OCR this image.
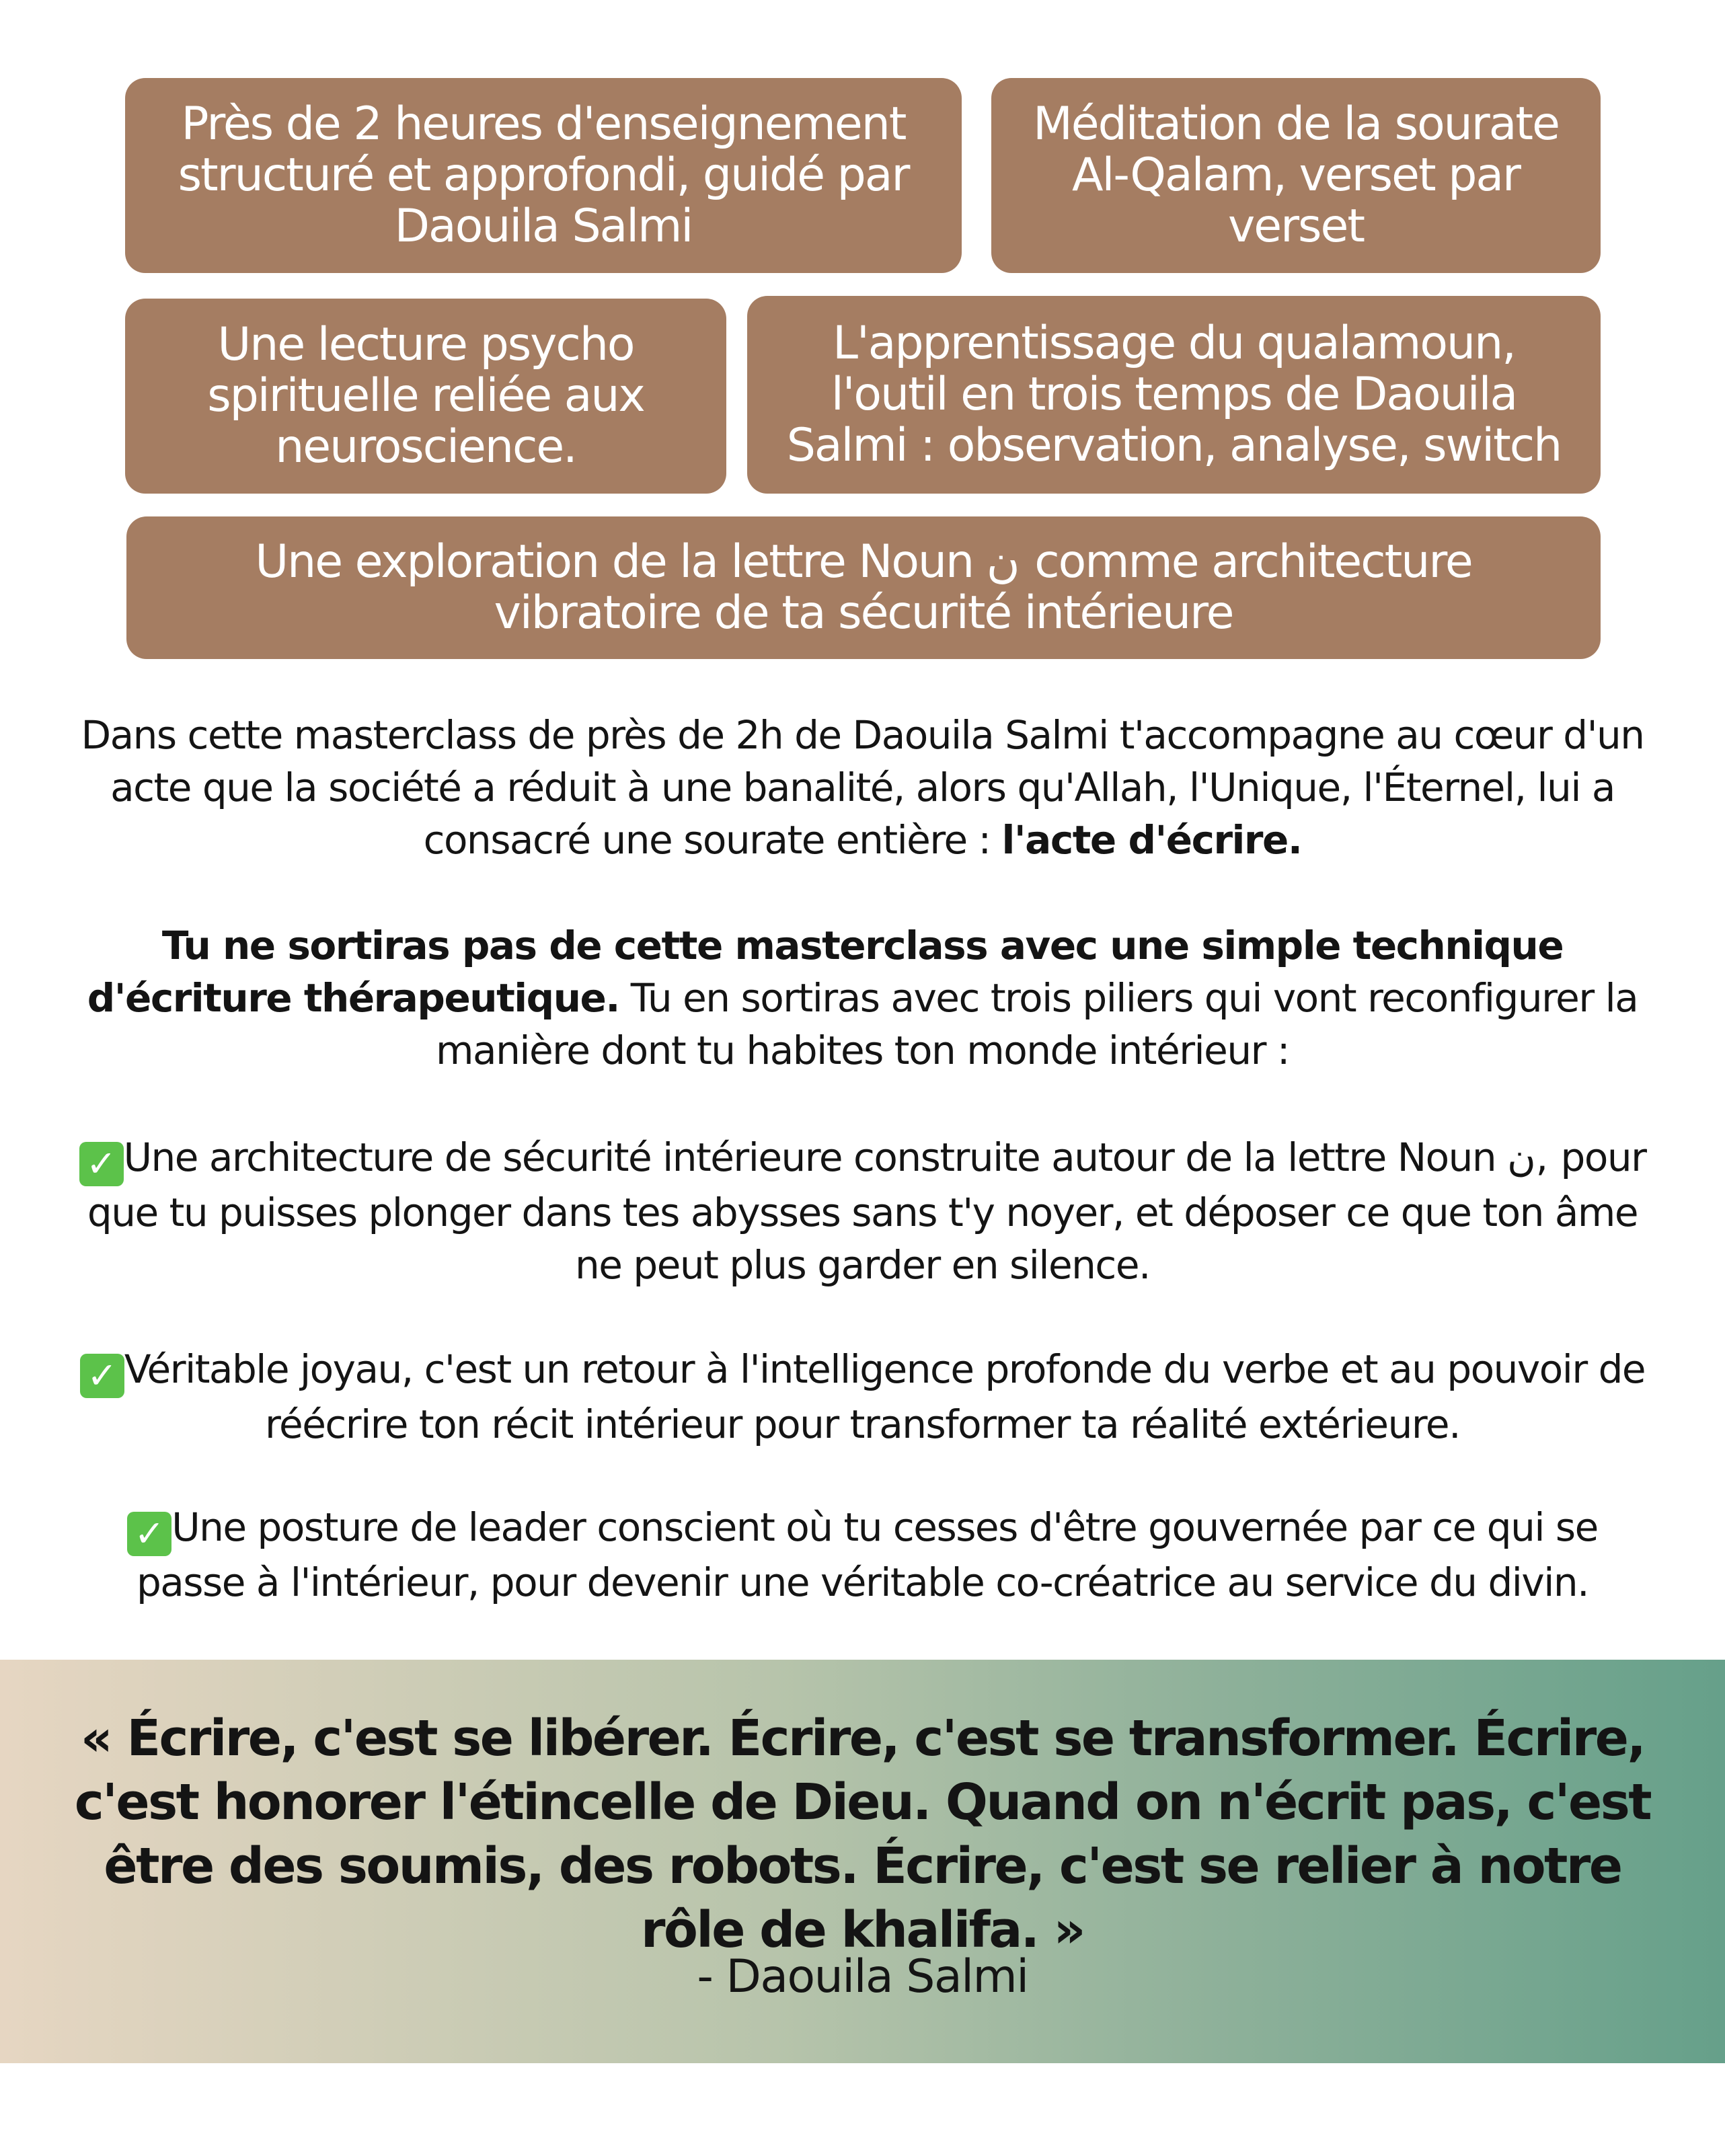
Près de 2 heures d'enseignement structuré et approfondi, guidé par Daouila Salmi
Méditation de la sourate Al-Qalam, verset par verset
Une lecture psycho spirituelle reliée aux neuroscience.
L'apprentissage du qualamoun, l'outil en trois temps de Daouila Salmi : observation, analyse, switch
Une exploration de la lettre Noun ن comme architecture vibratoire de ta sécurité intérieure

Dans cette masterclass de près de 2h de Daouila Salmi t'accompagne au cœur d'un acte que la société a réduit à une banalité, alors qu'Allah, l'Unique, l'Éternel, lui a consacré une sourate entière : l'acte d'écrire.

Tu ne sortiras pas de cette masterclass avec une simple technique d'écriture thérapeutique. Tu en sortiras avec trois piliers qui vont reconfigurer la manière dont tu habites ton monde intérieur :

✓ Une architecture de sécurité intérieure construite autour de la lettre Noun ن, pour que tu puisses plonger dans tes abysses sans t'y noyer, et déposer ce que ton âme ne peut plus garder en silence.

✓ Véritable joyau, c'est un retour à l'intelligence profonde du verbe et au pouvoir de réécrire ton récit intérieur pour transformer ta réalité extérieure.

✓ Une posture de leader conscient où tu cesses d'être gouvernée par ce qui se passe à l'intérieur, pour devenir une véritable co-créatrice au service du divin.

« Écrire, c'est se libérer. Écrire, c'est se transformer. Écrire, c'est honorer l'étincelle de Dieu. Quand on n'écrit pas, c'est être des soumis, des robots. Écrire, c'est se relier à notre rôle de khalifa. »

- Daouila Salmi
